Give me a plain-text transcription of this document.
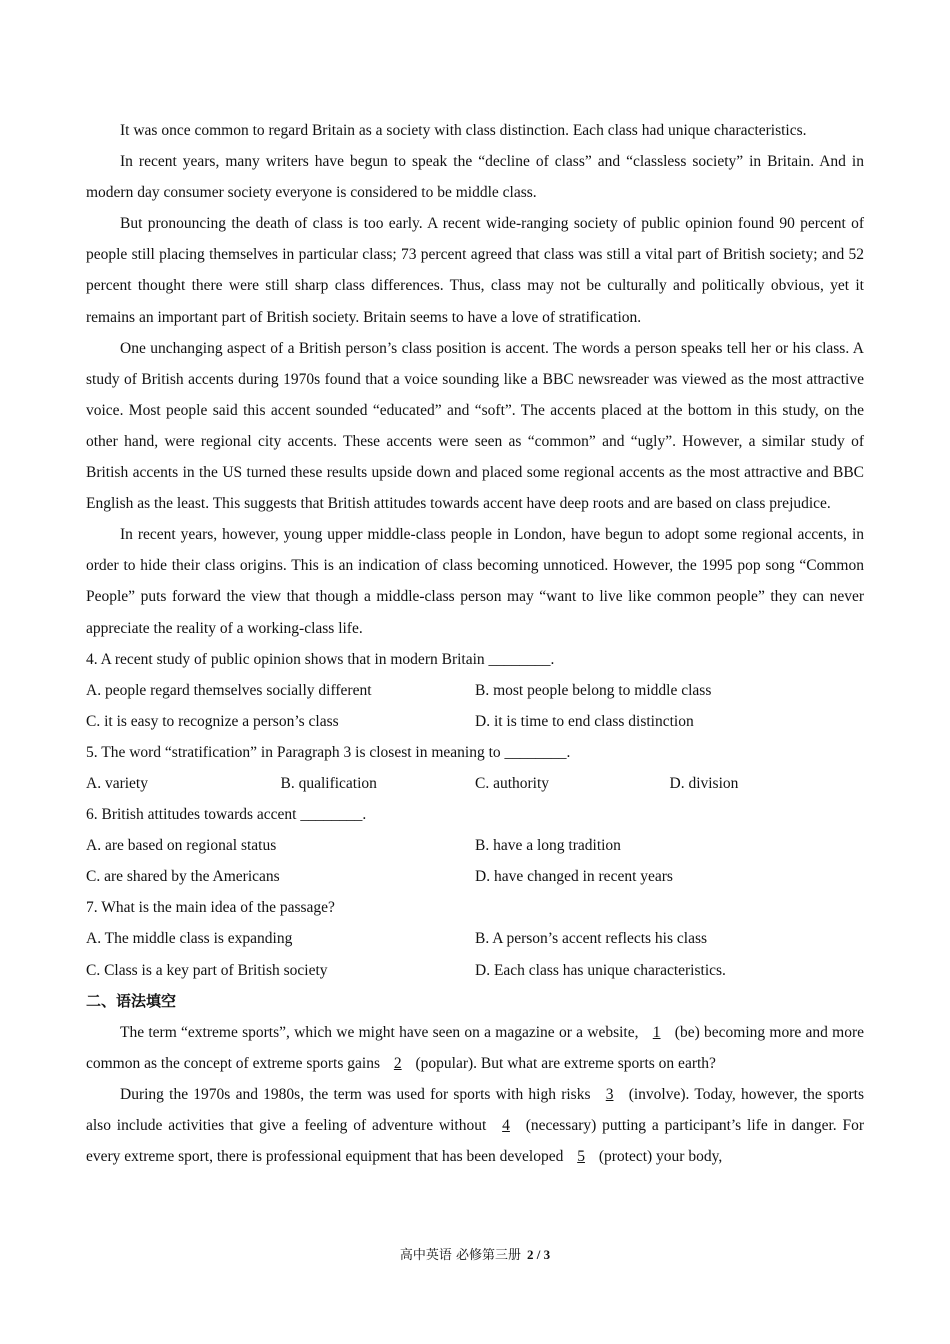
It was once common to regard Britain as a society with class distinction. Each class had unique characteristics.

In recent years, many writers have begun to speak the “decline of class” and “classless society” in Britain. And in modern day consumer society everyone is considered to be middle class.

But pronouncing the death of class is too early. A recent wide-ranging society of public opinion found 90 percent of people still placing themselves in particular class; 73 percent agreed that class was still a vital part of British society; and 52 percent thought there were still sharp class differences. Thus, class may not be culturally and politically obvious, yet it remains an important part of British society. Britain seems to have a love of stratification.

One unchanging aspect of a British person’s class position is accent. The words a person speaks tell her or his class. A study of British accents during 1970s found that a voice sounding like a BBC newsreader was viewed as the most attractive voice. Most people said this accent sounded “educated” and “soft”. The accents placed at the bottom in this study, on the other hand, were regional city accents. These accents were seen as “common” and “ugly”. However, a similar study of British accents in the US turned these results upside down and placed some regional accents as the most attractive and BBC English as the least. This suggests that British attitudes towards accent have deep roots and are based on class prejudice.

In recent years, however, young upper middle-class people in London, have begun to adopt some regional accents, in order to hide their class origins. This is an indication of class becoming unnoticed. However, the 1995 pop song “Common People” puts forward the view that though a middle-class person may “want to live like common people” they can never appreciate the reality of a working-class life.

4. A recent study of public opinion shows that in modern Britain ________.

A. people regard themselves socially different	B. most people belong to middle class
C. it is easy to recognize a person’s class	D. it is time to end class distinction

5. The word “stratification” in Paragraph 3 is closest in meaning to ________.

A. variety	B. qualification	C. authority	D. division

6. British attitudes towards accent ________.

A. are based on regional status	B. have a long tradition
C. are shared by the Americans	D. have changed in recent years

7. What is the main idea of the passage?

A. The middle class is expanding	B. A person’s accent reflects his class
C. Class is a key part of British society	D. Each class has unique characteristics.

二、语法填空

The term “extreme sports”, which we might have seen on a magazine or a website, 1 (be) becoming more and more common as the concept of extreme sports gains 2 (popular). But what are extreme sports on earth?

During the 1970s and 1980s, the term was used for sports with high risks 3 (involve). Today, however, the sports also include activities that give a feeling of adventure without 4 (necessary) putting a participant’s life in danger. For every extreme sport, there is professional equipment that has been developed 5 (protect) your body,

高中英语 必修第三册 2 / 3
